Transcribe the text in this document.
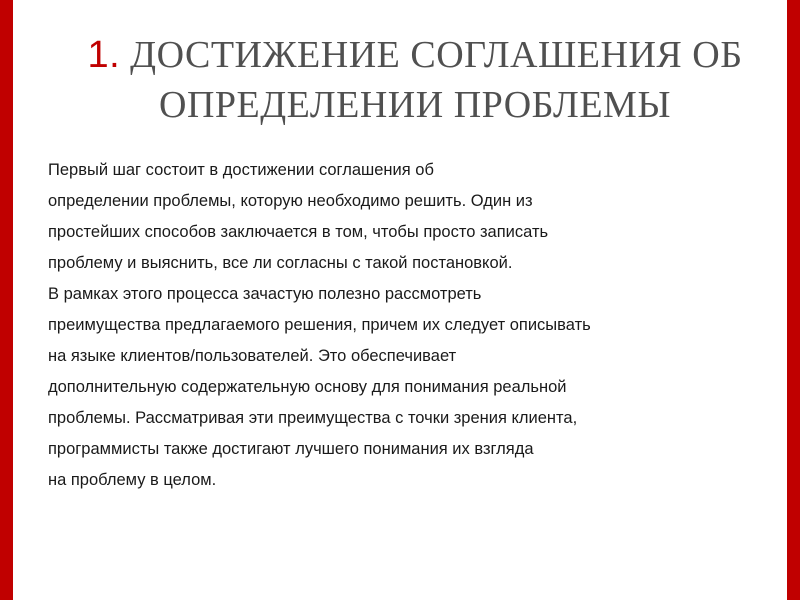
1. ДОСТИЖЕНИЕ СОГЛАШЕНИЯ ОБ
ОПРЕДЕЛЕНИИ ПРОБЛЕМЫ
Первый шаг состоит в достижении соглашения об
определении проблемы, которую необходимо решить. Один из
простейших способов заключается в том, чтобы просто записать
проблему и выяснить, все ли согласны с такой постановкой.
В рамках этого процесса зачастую полезно рассмотреть
преимущества предлагаемого решения, причем их следует описывать
на языке клиентов/пользователей. Это обеспечивает
дополнительную содержательную основу для понимания реальной
проблемы. Рассматривая эти преимущества с точки зрения клиента,
программисты также достигают лучшего понимания их взгляда
на проблему в целом.
